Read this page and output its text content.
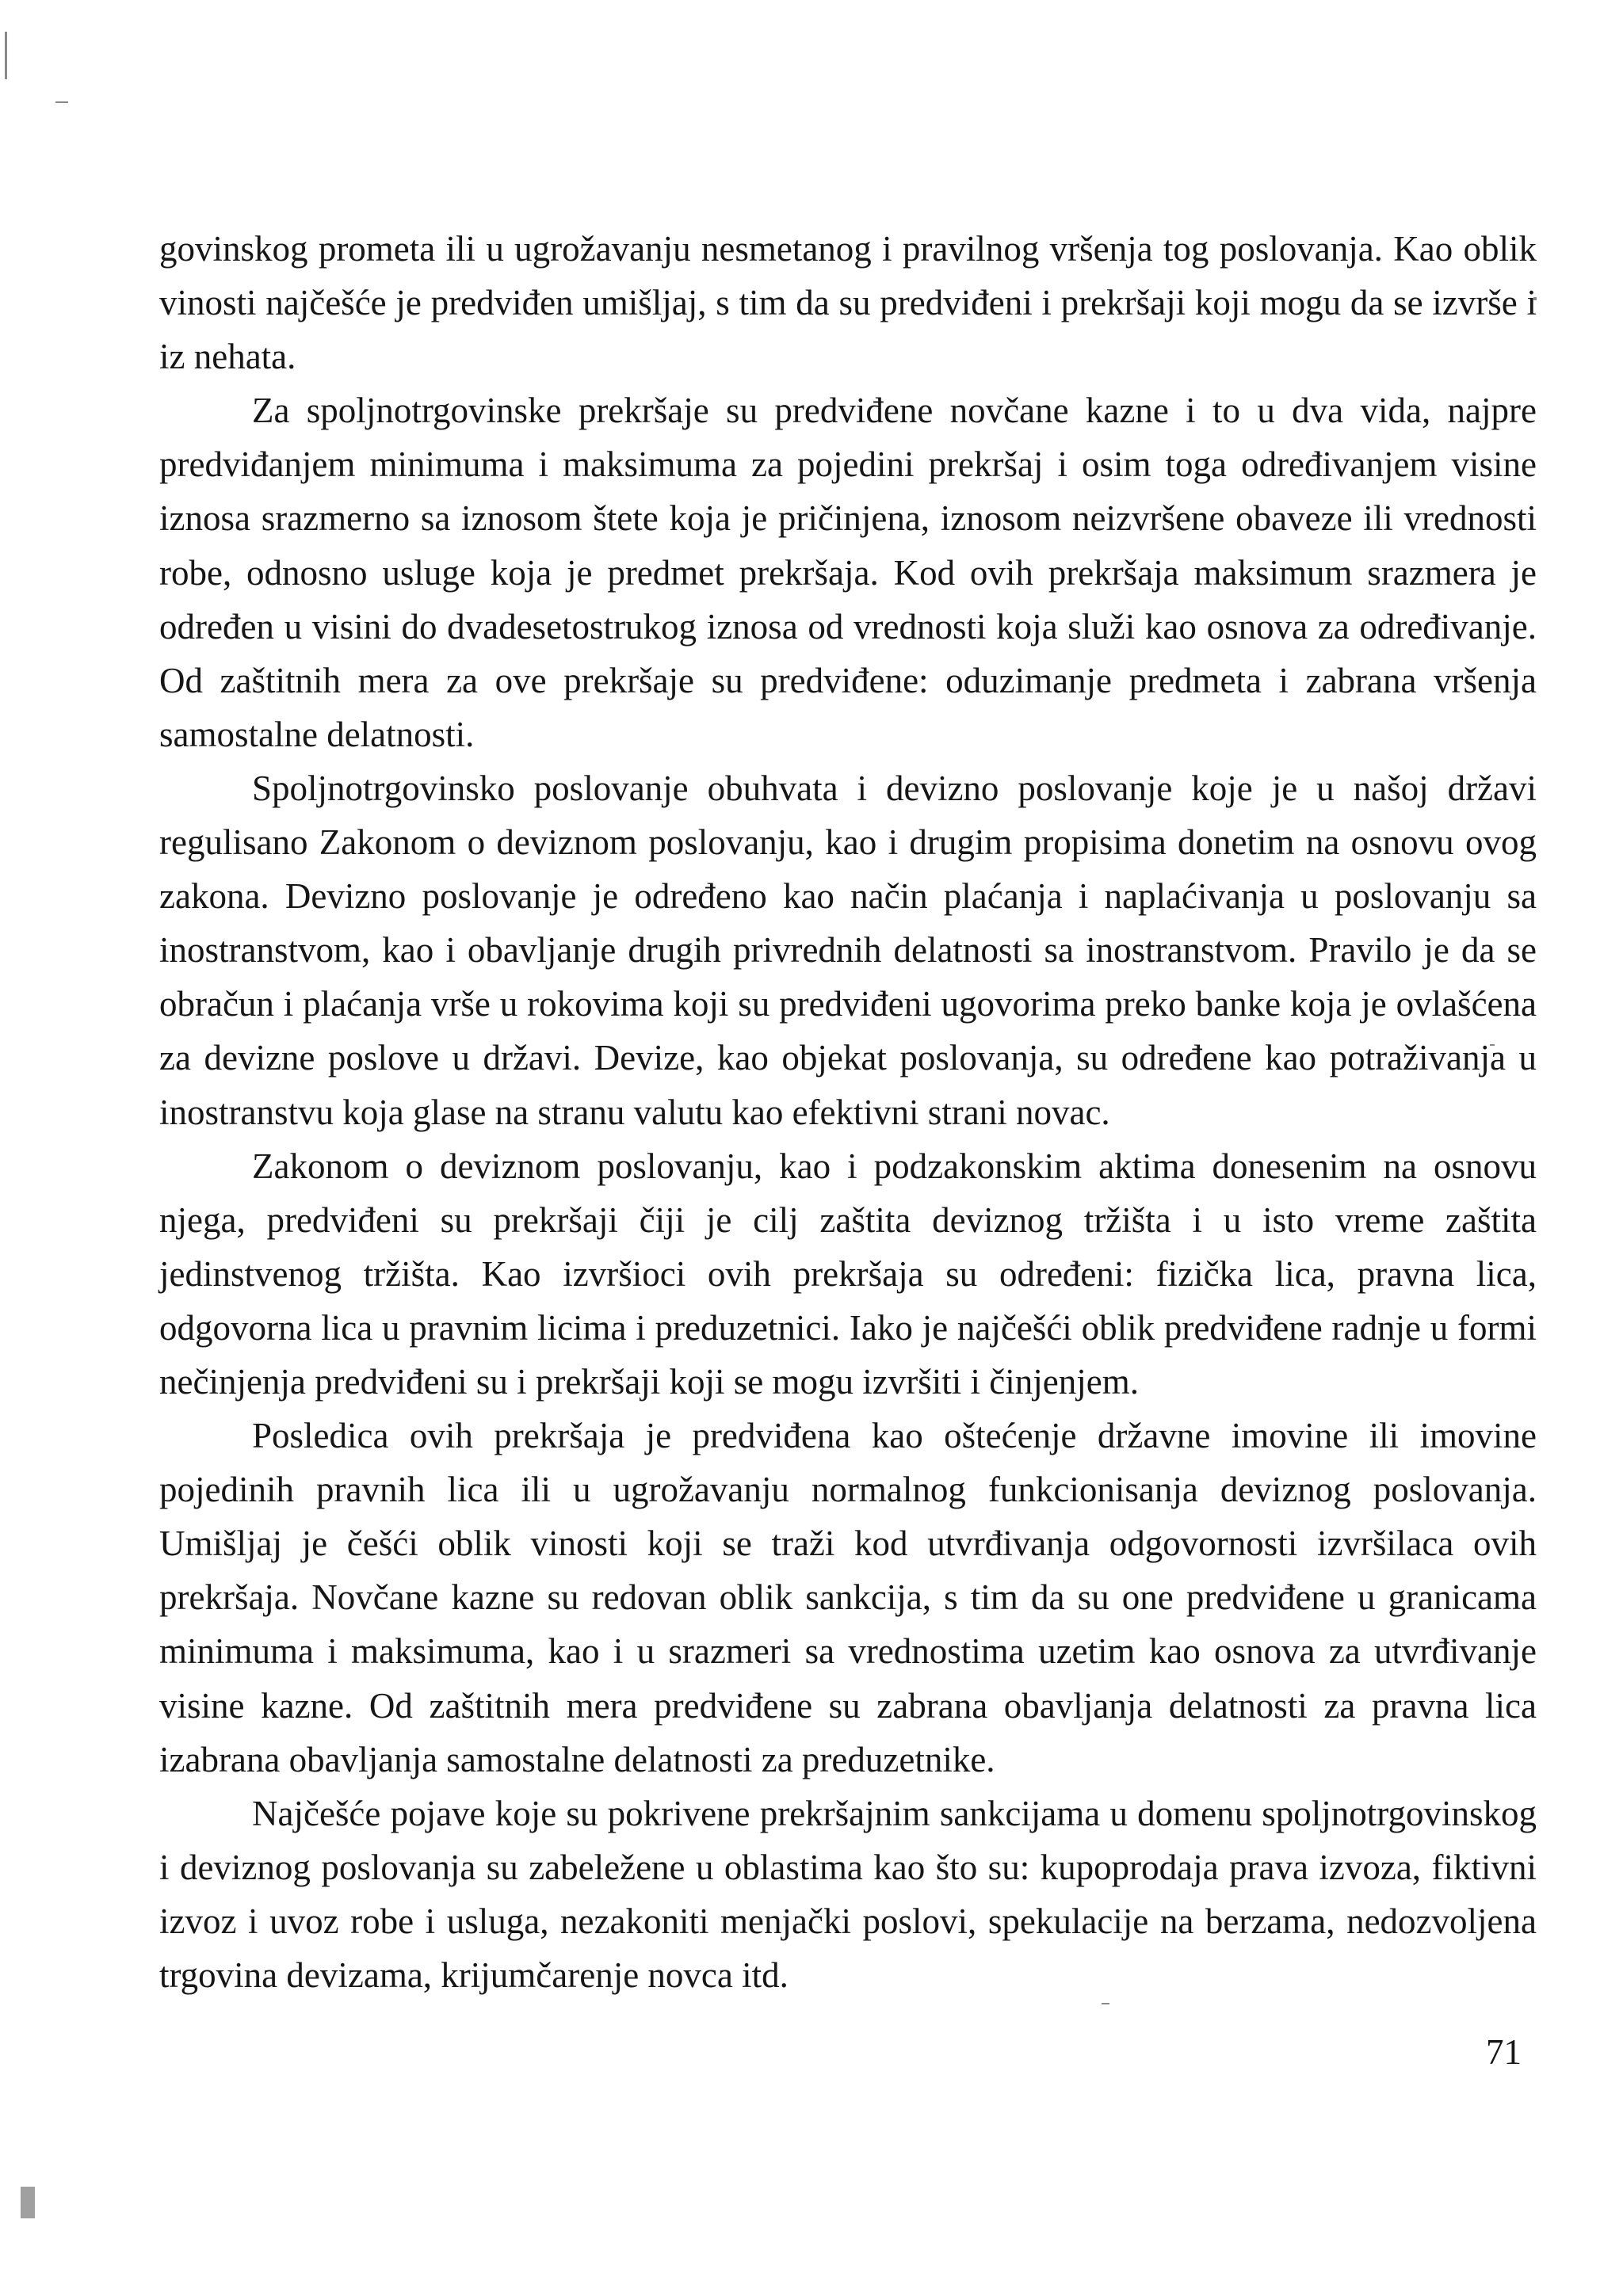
govinskog prometa ili u ugrožavanju nesmetanog i pravilnog vršenja tog poslovanja. Kao oblik vinosti najčešće je predviđen umišljaj, s tim da su predviđeni i prekršaji koji mogu da se izvrše i iz nehata.

Za spoljnotrgovinske prekršaje su predviđene novčane kazne i to u dva vida, najpre predviđanjem minimuma i maksimuma za pojedini prekršaj i osim toga određivanjem visine iznosa srazmerno sa iznosom štete koja je pričinjena, iznosom neizvršene obaveze ili vrednosti robe, odnosno usluge koja je predmet prekršaja. Kod ovih prekršaja maksimum srazmera je određen u visini do dvadesetostrukog iznosa od vrednosti koja služi kao osnova za određivanje. Od zaštitnih mera za ove prekršaje su predviđene: oduzimanje predmeta i zabrana vršenja samostalne delatnosti.

Spoljnotrgovinsko poslovanje obuhvata i devizno poslovanje koje je u našoj državi regulisano Zakonom o deviznom poslovanju, kao i drugim propisima donetim na osnovu ovog zakona. Devizno poslovanje je određeno kao način plaćanja i naplaćivanja u poslovanju sa inostranstvom, kao i obavljanje drugih privrednih delatnosti sa inostranstvom. Pravilo je da se obračun i plaćanja vrše u rokovima koji su predviđeni ugovorima preko banke koja je ovlašćena za devizne poslove u državi. Devize, kao objekat poslovanja, su određene kao potraživanja u inostranstvu koja glase na stranu valutu kao efektivni strani novac.

Zakonom o deviznom poslovanju, kao i podzakonskim aktima donesenim na osnovu njega, predviđeni su prekršaji čiji je cilj zaštita deviznog tržišta i u isto vreme zaštita jedinstvenog tržišta. Kao izvršioci ovih prekršaja su određeni: fizička lica, pravna lica, odgovorna lica u pravnim licima i preduzetnici. Iako je najčešći oblik predviđene radnje u formi nečinjenja predviđeni su i prekršaji koji se mogu izvršiti i činjenjem.

Posledica ovih prekršaja je predviđena kao oštećenje državne imovine ili imovine pojedinih pravnih lica ili u ugrožavanju normalnog funkcionisanja deviznog poslovanja. Umišljaj je češći oblik vinosti koji se traži kod utvrđivanja odgovornosti izvršilaca ovih prekršaja. Novčane kazne su redovan oblik sankcija, s tim da su one predviđene u granicama minimuma i maksimuma, kao i u srazmeri sa vrednostima uzetim kao osnova za utvrđivanje visine kazne. Od zaštitnih mera predviđene su zabrana obavljanja delatnosti za pravna lica izabrana obavljanja samostalne delatnosti za preduzetnike.

Najčešće pojave koje su pokrivene prekršajnim sankcijama u domenu spoljnotrgovinskog i deviznog poslovanja su zabeležene u oblastima kao što su: kupoprodaja prava izvoza, fiktivni izvoz i uvoz robe i usluga, nezakoniti menjački poslovi, spekulacije na berzama, nedozvoljena trgovina devizama, krijumčarenje novca itd.

71
